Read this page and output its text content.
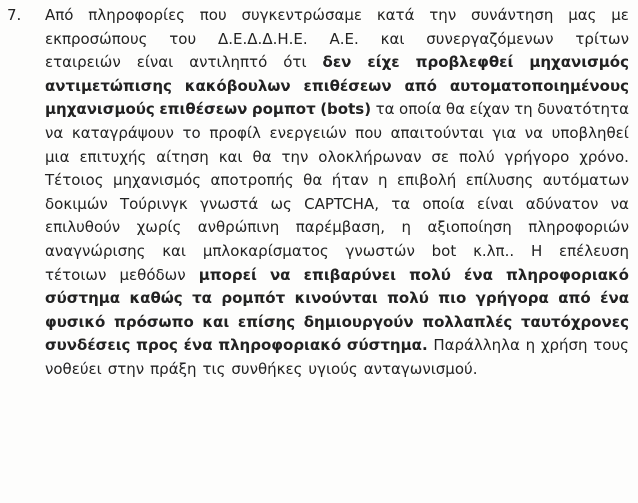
7. Από πληροφορίες που συγκεντρώσαμε κατά την συνάντηση μας με
εκπροσώπους του Δ.Ε.Δ.Δ.Η.Ε. Α.Ε. και συνεργαζόμενων τρίτων
εταιρειών είναι αντιληπτό ότι δεν είχε προβλεφθεί μηχανισμός
αντιμετώπισης κακόβουλων επιθέσεων από αυτοματοποιημένους
μηχανισμούς επιθέσεων ρομποτ (bots) τα οποία θα είχαν τη δυνατότητα
να καταγράψουν το προφίλ ενεργειών που απαιτούνται για να υποβληθεί
μια επιτυχής αίτηση και θα την ολοκλήρωναν σε πολύ γρήγορο χρόνο.
Τέτοιος μηχανισμός αποτροπής θα ήταν η επιβολή επίλυσης αυτόματων
δοκιμών Τούρινγκ γνωστά ως CAPTCHA, τα οποία είναι αδύνατον να
επιλυθούν χωρίς ανθρώπινη παρέμβαση, η αξιοποίηση πληροφοριών
αναγνώρισης και μπλοκαρίσματος γνωστών bot κ.λπ.. Η επέλευση
τέτοιων μεθόδων μπορεί να επιβαρύνει πολύ ένα πληροφοριακό
σύστημα καθώς τα ρομπότ κινούνται πολύ πιο γρήγορα από ένα
φυσικό πρόσωπο και επίσης δημιουργούν πολλαπλές ταυτόχρονες
συνδέσεις προς ένα πληροφοριακό σύστημα. Παράλληλα η χρήση τους
νοθεύει στην πράξη τις συνθήκες υγιούς ανταγωνισμού.
